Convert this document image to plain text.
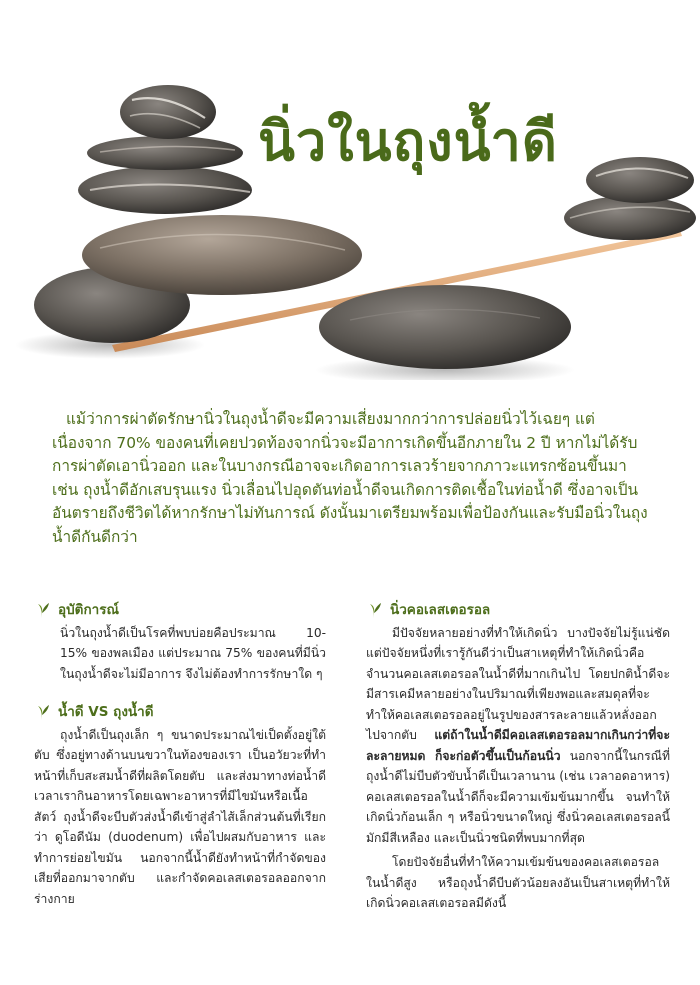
นิ่วในถุงน้ำดี

แม้ว่าการผ่าตัดรักษานิ่วในถุงน้ำดีจะมีความเสี่ยงมากกว่าการปล่อยนิ่วไว้เฉยๆ แต่เนื่องจาก 70% ของคนที่เคยปวดท้องจากนิ่วจะมีอาการเกิดขึ้นอีกภายใน 2 ปี หากไม่ได้รับการผ่าตัดเอานิ่วออก และในบางกรณีอาจจะเกิดอาการเลวร้ายจากภาวะแทรกซ้อนขึ้นมา เช่น ถุงน้ำดีอักเสบรุนแรง นิ่วเลื่อนไปอุดตันท่อน้ำดีจนเกิดการติดเชื้อในท่อน้ำดี ซึ่งอาจเป็นอันตรายถึงชีวิตได้หากรักษาไม่ทันการณ์ ดังนั้นมาเตรียมพร้อมเพื่อป้องกันและรับมือนิ่วในถุงน้ำดีกันดีกว่า

อุบัติการณ์

นิ่วในถุงน้ำดีเป็นโรคที่พบบ่อยคือประมาณ 10-15% ของพลเมือง แต่ประมาณ 75% ของคนที่มีนิ่วในถุงน้ำดีจะไม่มีอาการ จึงไม่ต้องทำการรักษาใด ๆ

น้ำดี VS ถุงน้ำดี

ถุงน้ำดีเป็นถุงเล็ก ๆ ขนาดประมาณไข่เป็ดตั้งอยู่ใต้ตับ ซึ่งอยู่ทางด้านบนขวาในท้องของเรา เป็นอวัยวะที่ทำหน้าที่เก็บสะสมน้ำดีที่ผลิตโดยตับ และส่งมาทางท่อน้ำดี เวลาเรากินอาหารโดยเฉพาะอาหารที่มีไขมันหรือเนื้อสัตว์ ถุงน้ำดีจะบีบตัวส่งน้ำดีเข้าสู่ลำไส้เล็กส่วนต้นที่เรียกว่า ดูโอดีนัม (duodenum) เพื่อไปผสมกับอาหาร และทำการย่อยไขมัน นอกจากนี้น้ำดียังทำหน้าที่กำจัดของเสียที่ออกมาจากตับ และกำจัดคอเลสเตอรอลออกจากร่างกาย

นิ่วคอเลสเตอรอล

มีปัจจัยหลายอย่างที่ทำให้เกิดนิ่ว บางปัจจัยไม่รู้แน่ชัด แต่ปัจจัยหนึ่งที่เรารู้กันดีว่าเป็นสาเหตุที่ทำให้เกิดนิ่วคือจำนวนคอเลสเตอรอลในน้ำดีที่มากเกินไป โดยปกติน้ำดีจะมีสารเคมีหลายอย่างในปริมาณที่เพียงพอและสมดุลที่จะทำให้คอเลสเตอรอลอยู่ในรูปของสารละลายแล้วหลั่งออกไปจากตับ แต่ถ้าในน้ำดีมีคอเลสเตอรอลมากเกินกว่าที่จะละลายหมด ก็จะก่อตัวขึ้นเป็นก้อนนิ่ว นอกจากนี้ในกรณีที่ถุงน้ำดีไม่บีบตัวขับน้ำดีเป็นเวลานาน (เช่น เวลาอดอาหาร) คอเลสเตอรอลในน้ำดีก็จะมีความเข้มข้นมากขึ้น จนทำให้เกิดนิ่วก้อนเล็ก ๆ หรือนิ่วขนาดใหญ่ ซึ่งนิ่วคอเลสเตอรอลนี้มักมีสีเหลือง และเป็นนิ่วชนิดที่พบมากที่สุด

โดยปัจจัยอื่นที่ทำให้ความเข้มข้นของคอเลสเตอรอลในน้ำดีสูง หรือถุงน้ำดีบีบตัวน้อยลงอันเป็นสาเหตุที่ทำให้เกิดนิ่วคอเลสเตอรอลมีดังนี้
